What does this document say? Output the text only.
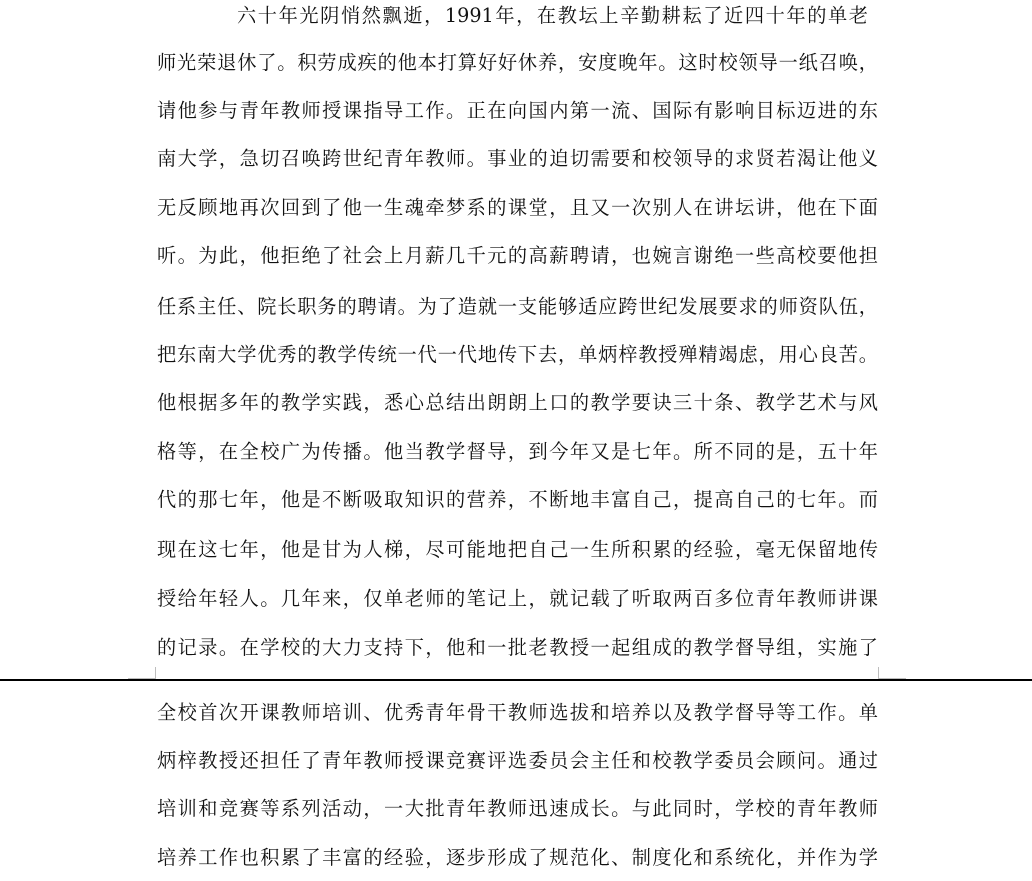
六十年光阴悄然飘逝，1991年，在教坛上辛勤耕耘了近四十年的单老
师光荣退休了。积劳成疾的他本打算好好休养，安度晚年。这时校领导一纸召唤，
请他参与青年教师授课指导工作。正在向国内第一流、国际有影响目标迈进的东
南大学，急切召唤跨世纪青年教师。事业的迫切需要和校领导的求贤若渴让他义
无反顾地再次回到了他一生魂牵梦系的课堂，且又一次别人在讲坛讲，他在下面
听。为此，他拒绝了社会上月薪几千元的高薪聘请，也婉言谢绝一些高校要他担
任系主任、院长职务的聘请。为了造就一支能够适应跨世纪发展要求的师资队伍，
把东南大学优秀的教学传统一代一代地传下去，单炳梓教授殚精竭虑，用心良苦。
他根据多年的教学实践，悉心总结出朗朗上口的教学要诀三十条、教学艺术与风
格等，在全校广为传播。他当教学督导，到今年又是七年。所不同的是，五十年
代的那七年，他是不断吸取知识的营养，不断地丰富自己，提高自己的七年。而
现在这七年，他是甘为人梯，尽可能地把自己一生所积累的经验，毫无保留地传
授给年轻人。几年来，仅单老师的笔记上，就记载了听取两百多位青年教师讲课
的记录。在学校的大力支持下，他和一批老教授一起组成的教学督导组，实施了
全校首次开课教师培训、优秀青年骨干教师选拔和培养以及教学督导等工作。单
炳梓教授还担任了青年教师授课竞赛评选委员会主任和校教学委员会顾问。通过
培训和竞赛等系列活动，一大批青年教师迅速成长。与此同时，学校的青年教师
培养工作也积累了丰富的经验，逐步形成了规范化、制度化和系统化，并作为学
